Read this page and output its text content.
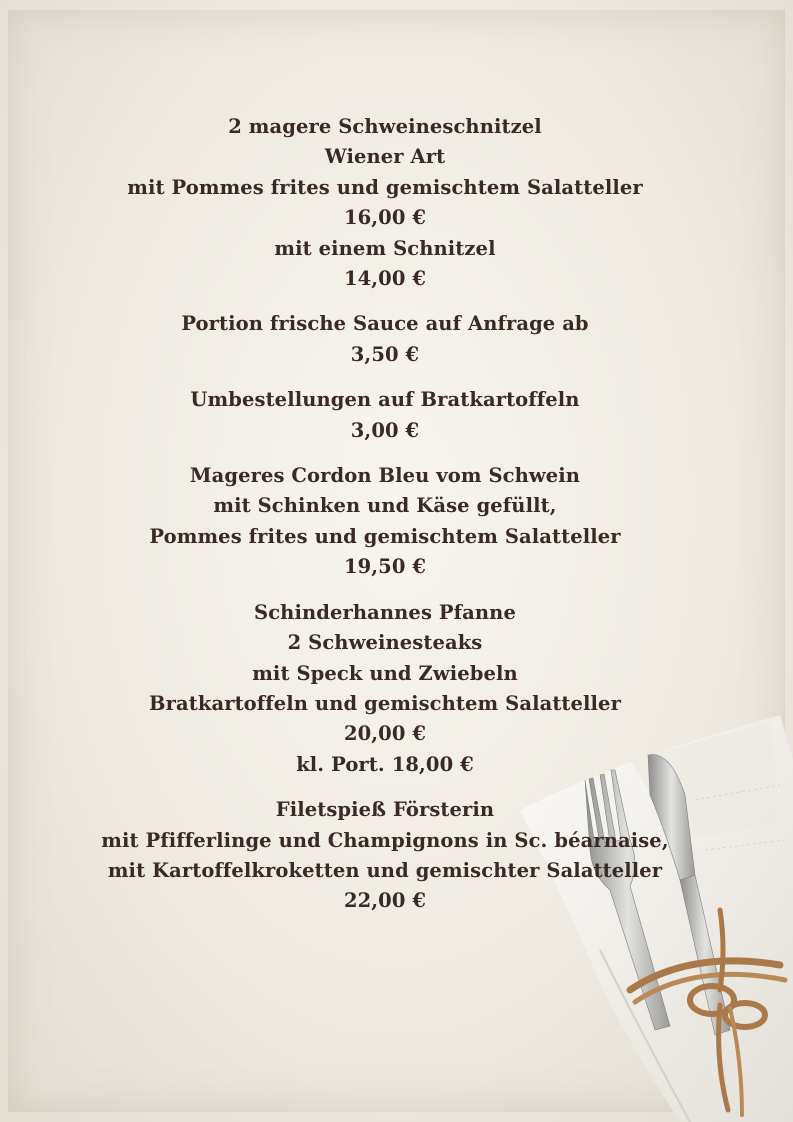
2 magere Schweineschnitzel
Wiener Art
mit Pommes frites und gemischtem Salatteller
16,00 €
mit einem Schnitzel
14,00 €
Portion frische Sauce auf Anfrage ab
3,50 €
Umbestellungen auf Bratkartoffeln
3,00 €
Mageres Cordon Bleu vom Schwein
mit Schinken und Käse gefüllt,
Pommes frites und gemischtem Salatteller
19,50 €
Schinderhannes Pfanne
2 Schweinesteaks
mit Speck und Zwiebeln
Bratkartoffeln und gemischtem Salatteller
20,00 €
kl. Port. 18,00 €
Filetspieß Försterin
mit Pfifferlinge und Champignons in Sc. béarnaise,
mit Kartoffelkroketten und gemischter Salatteller
22,00 €
